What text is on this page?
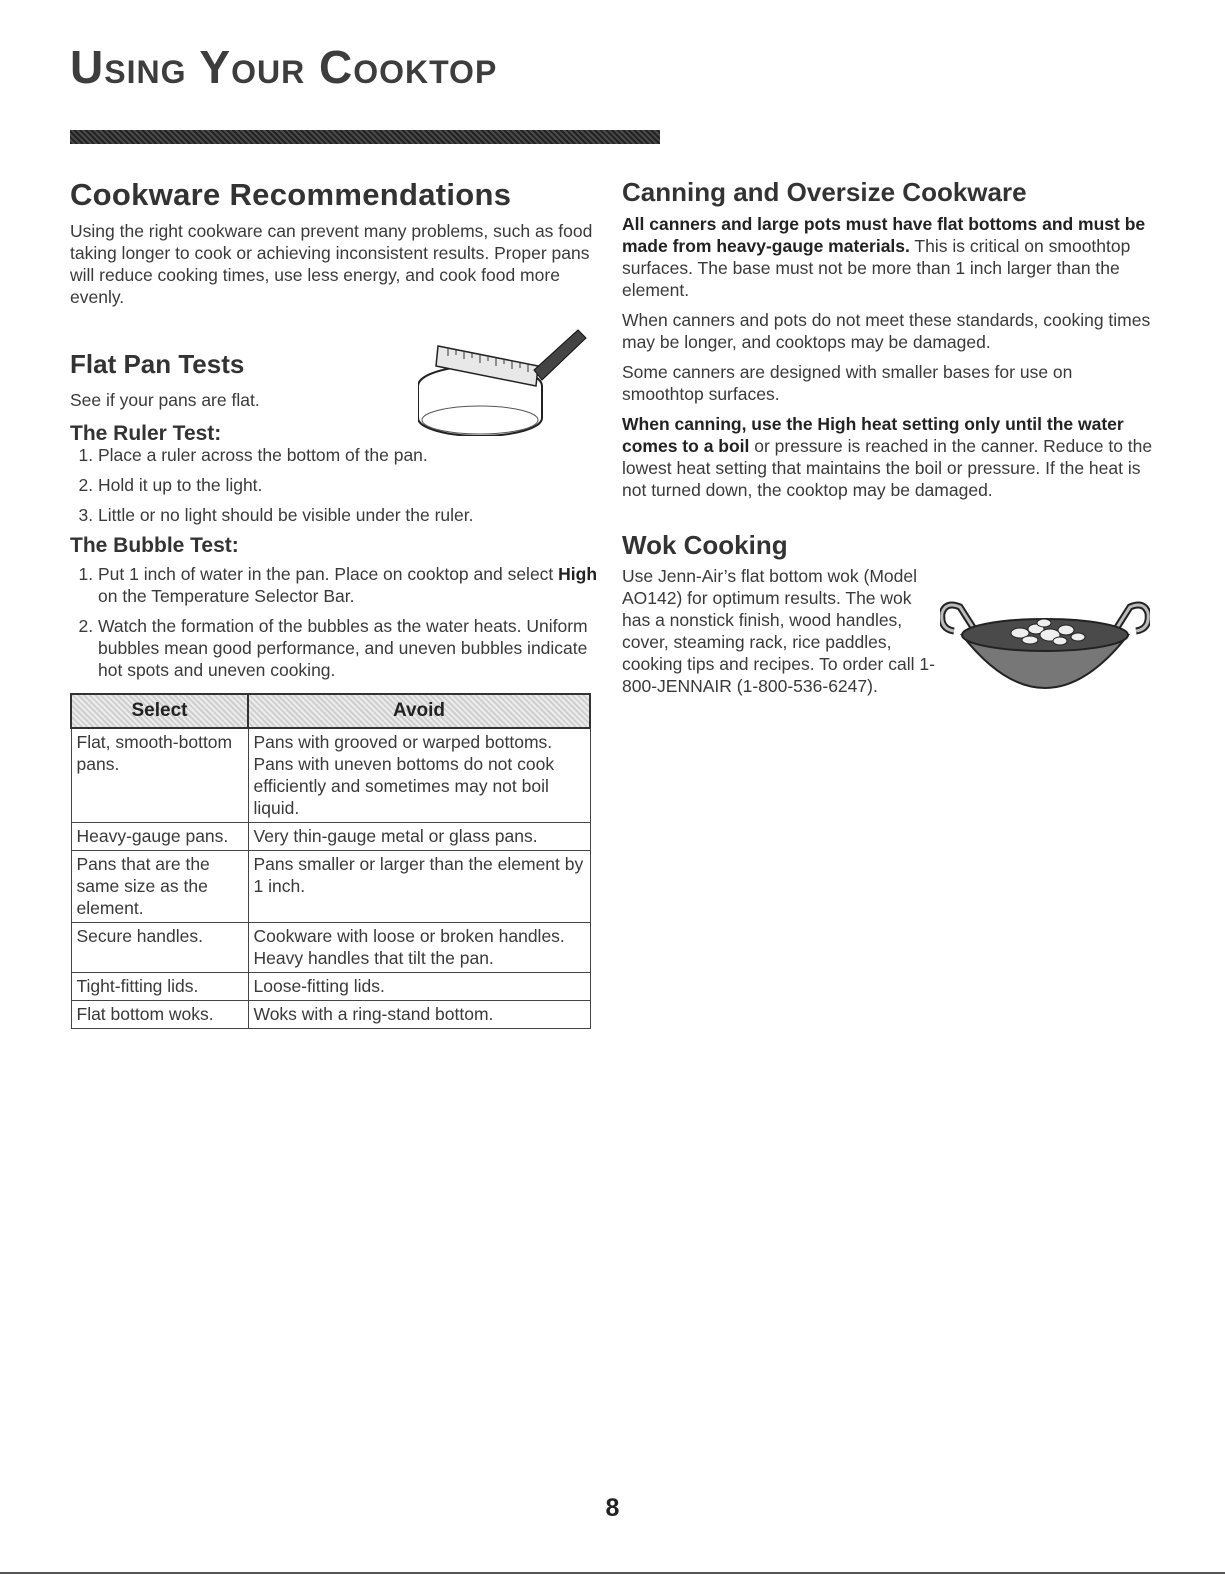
Using Your Cooktop
Cookware Recommendations

Using the right cookware can prevent many problems, such as food taking longer to cook or achieving inconsistent results. Proper pans will reduce cooking times, use less energy, and cook food more evenly.

Flat Pan Tests

See if your pans are flat.

The Ruler Test:
1. Place a ruler across the bottom of the pan.
2. Hold it up to the light.
3. Little or no light should be visible under the ruler.
The Bubble Test:
1. Put 1 inch of water in the pan. Place on cooktop and select High on the Temperature Selector Bar.
2. Watch the formation of the bubbles as the water heats. Uniform bubbles mean good performance, and uneven bubbles indicate hot spots and uneven cooking.
Select	Avoid
Flat, smooth-bottom pans.	Pans with grooved or warped bottoms. Pans with uneven bottoms do not cook efficiently and sometimes may not boil liquid.
Heavy-gauge pans.	Very thin-gauge metal or glass pans.
Pans that are the same size as the element.	Pans smaller or larger than the element by 1 inch.
Secure handles.	Cookware with loose or broken handles. Heavy handles that tilt the pan.
Tight-fitting lids.	Loose-fitting lids.
Flat bottom woks.	Woks with a ring-stand bottom.
Canning and Oversize Cookware

All canners and large pots must have flat bottoms and must be made from heavy-gauge materials. This is critical on smoothtop surfaces. The base must not be more than 1 inch larger than the element.

When canners and pots do not meet these standards, cooking times may be longer, and cooktops may be damaged.

Some canners are designed with smaller bases for use on smoothtop surfaces.

When canning, use the High heat setting only until the water comes to a boil or pressure is reached in the canner. Reduce to the lowest heat setting that maintains the boil or pressure. If the heat is not turned down, the cooktop may be damaged.

Wok Cooking

Use Jenn-Air’s flat bottom wok (Model AO142) for optimum results. The wok has a nonstick finish, wood handles, cover, steaming rack, rice paddles, cooking tips and recipes. To order call 1-800-JENNAIR (1-800-536-6247).

8
